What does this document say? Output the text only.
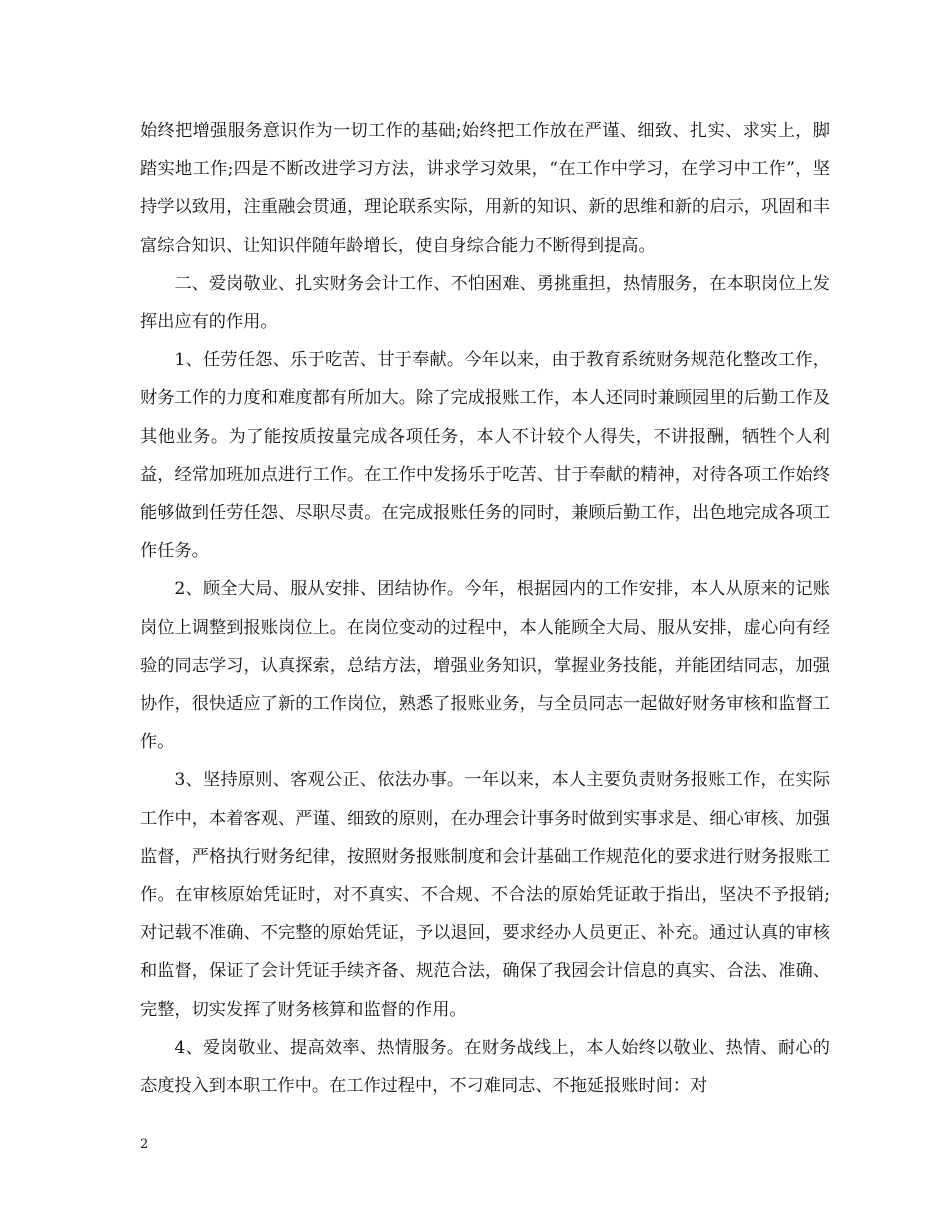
始终把增强服务意识作为一切工作的基础;始终把工作放在严谨、细致、扎实、求实上，脚踏实地工作;四是不断改进学习方法，讲求学习效果，“在工作中学习，在学习中工作”，坚持学以致用，注重融会贯通，理论联系实际，用新的知识、新的思维和新的启示，巩固和丰富综合知识、让知识伴随年龄增长，使自身综合能力不断得到提高。

二、爱岗敬业、扎实财务会计工作、不怕困难、勇挑重担，热情服务，在本职岗位上发挥出应有的作用。

1、任劳任怨、乐于吃苦、甘于奉献。今年以来，由于教育系统财务规范化整改工作，财务工作的力度和难度都有所加大。除了完成报账工作，本人还同时兼顾园里的后勤工作及其他业务。为了能按质按量完成各项任务，本人不计较个人得失，不讲报酬，牺牲个人利益，经常加班加点进行工作。在工作中发扬乐于吃苦、甘于奉献的精神，对待各项工作始终能够做到任劳任怨、尽职尽责。在完成报账任务的同时，兼顾后勤工作，出色地完成各项工作任务。

2、顾全大局、服从安排、团结协作。今年，根据园内的工作安排，本人从原来的记账岗位上调整到报账岗位上。在岗位变动的过程中，本人能顾全大局、服从安排，虚心向有经验的同志学习，认真探索，总结方法，增强业务知识，掌握业务技能，并能团结同志，加强协作，很快适应了新的工作岗位，熟悉了报账业务，与全员同志一起做好财务审核和监督工作。

3、坚持原则、客观公正、依法办事。一年以来，本人主要负责财务报账工作，在实际工作中，本着客观、严谨、细致的原则，在办理会计事务时做到实事求是、细心审核、加强监督，严格执行财务纪律，按照财务报账制度和会计基础工作规范化的要求进行财务报账工作。在审核原始凭证时，对不真实、不合规、不合法的原始凭证敢于指出，坚决不予报销;对记载不准确、不完整的原始凭证，予以退回，要求经办人员更正、补充。通过认真的审核和监督，保证了会计凭证手续齐备、规范合法，确保了我园会计信息的真实、合法、准确、完整，切实发挥了财务核算和监督的作用。

4、爱岗敬业、提高效率、热情服务。在财务战线上，本人始终以敬业、热情、耐心的态度投入到本职工作中。在工作过程中，不刁难同志、不拖延报账时间：对

2
